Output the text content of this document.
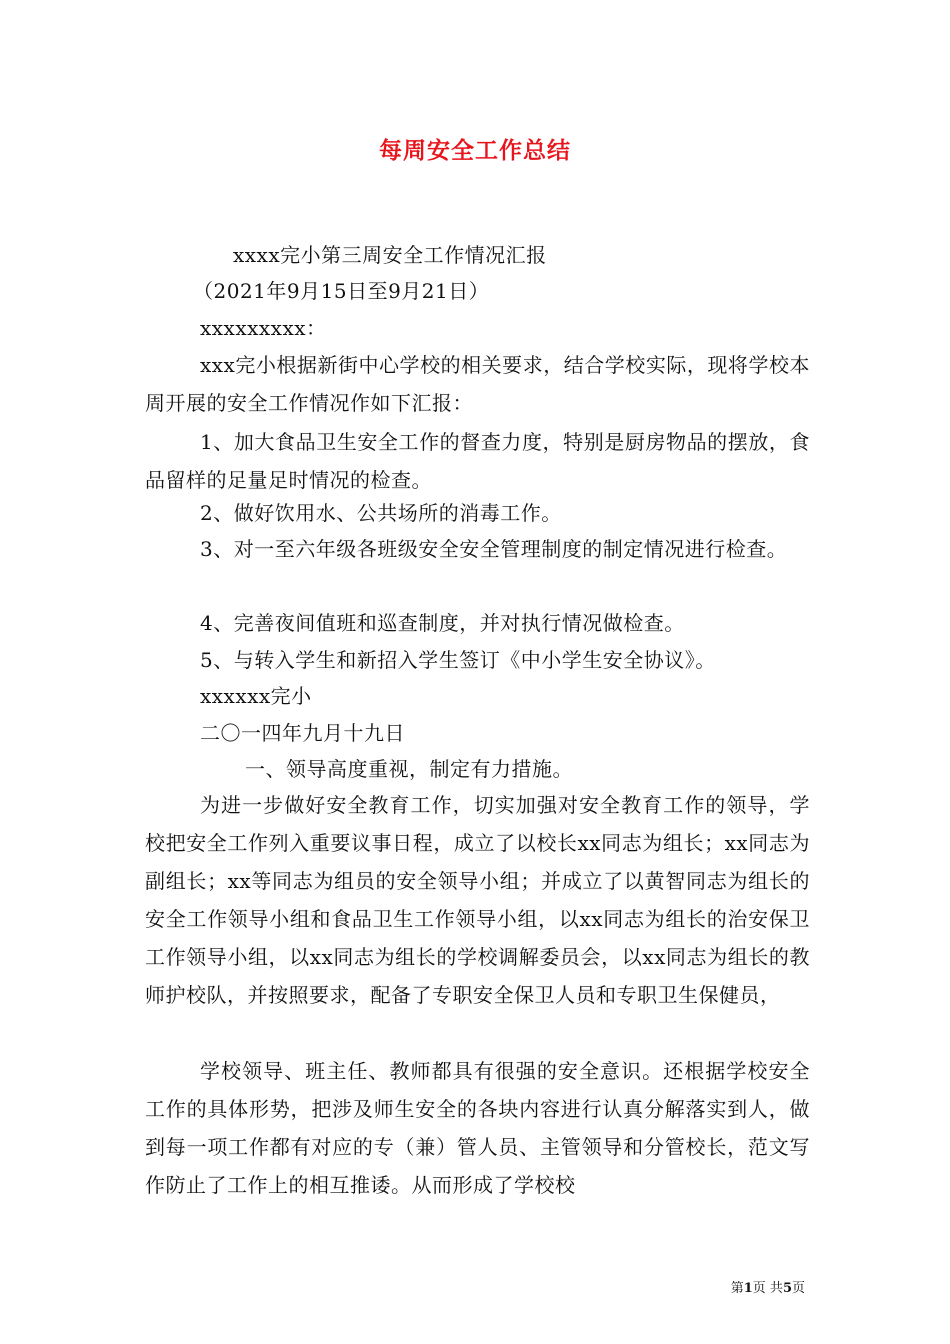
每周安全工作总结
xxxx完小第三周安全工作情况汇报
（2021年9月15日至9月21日）
xxxxxxxxx：
xxx完小根据新街中心学校的相关要求，结合学校实际，现将学校本周开展的安全工作情况作如下汇报：
1、加大食品卫生安全工作的督查力度，特别是厨房物品的摆放，食品留样的足量足时情况的检查。
2、做好饮用水、公共场所的消毒工作。
3、对一至六年级各班级安全安全管理制度的制定情况进行检查。
4、完善夜间值班和巡查制度，并对执行情况做检查。
5、与转入学生和新招入学生签订《中小学生安全协议》。
xxxxxx完小
二〇一四年九月十九日
一、领导高度重视，制定有力措施。
为进一步做好安全教育工作，切实加强对安全教育工作的领导，学校把安全工作列入重要议事日程，成立了以校长xx同志为组长；xx同志为副组长；xx等同志为组员的安全领导小组；并成立了以黄智同志为组长的安全工作领导小组和食品卫生工作领导小组，以xx同志为组长的治安保卫工作领导小组，以xx同志为组长的学校调解委员会，以xx同志为组长的教师护校队，并按照要求，配备了专职安全保卫人员和专职卫生保健员，
学校领导、班主任、教师都具有很强的安全意识。还根据学校安全工作的具体形势，把涉及师生安全的各块内容进行认真分解落实到人，做到每一项工作都有对应的专（兼）管人员、主管领导和分管校长，范文写作防止了工作上的相互推诿。从而形成了学校校
第1页 共5页
